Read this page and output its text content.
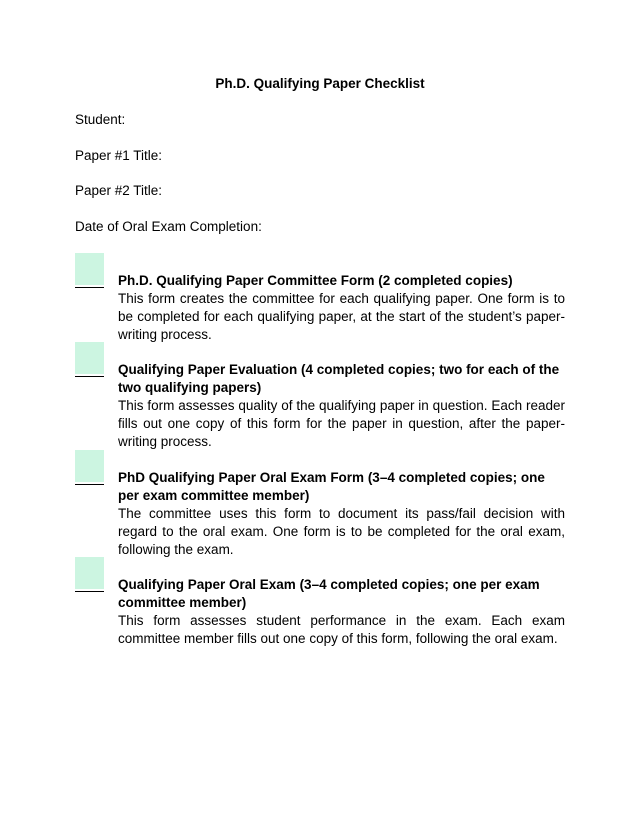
Ph.D. Qualifying Paper Checklist
Student:
Paper #1 Title:
Paper #2 Title:
Date of Oral Exam Completion:
Ph.D. Qualifying Paper Committee Form (2 completed copies)
This form creates the committee for each qualifying paper. One form is to be completed for each qualifying paper, at the start of the student’s paper-writing process.
Qualifying Paper Evaluation (4 completed copies; two for each of the two qualifying papers)
This form assesses quality of the qualifying paper in question. Each reader fills out one copy of this form for the paper in question, after the paper-writing process.
PhD Qualifying Paper Oral Exam Form (3–4 completed copies; one per exam committee member)
The committee uses this form to document its pass/fail decision with regard to the oral exam. One form is to be completed for the oral exam, following the exam.
Qualifying Paper Oral Exam (3–4 completed copies; one per exam committee member)
This form assesses student performance in the exam. Each exam committee member fills out one copy of this form, following the oral exam.
